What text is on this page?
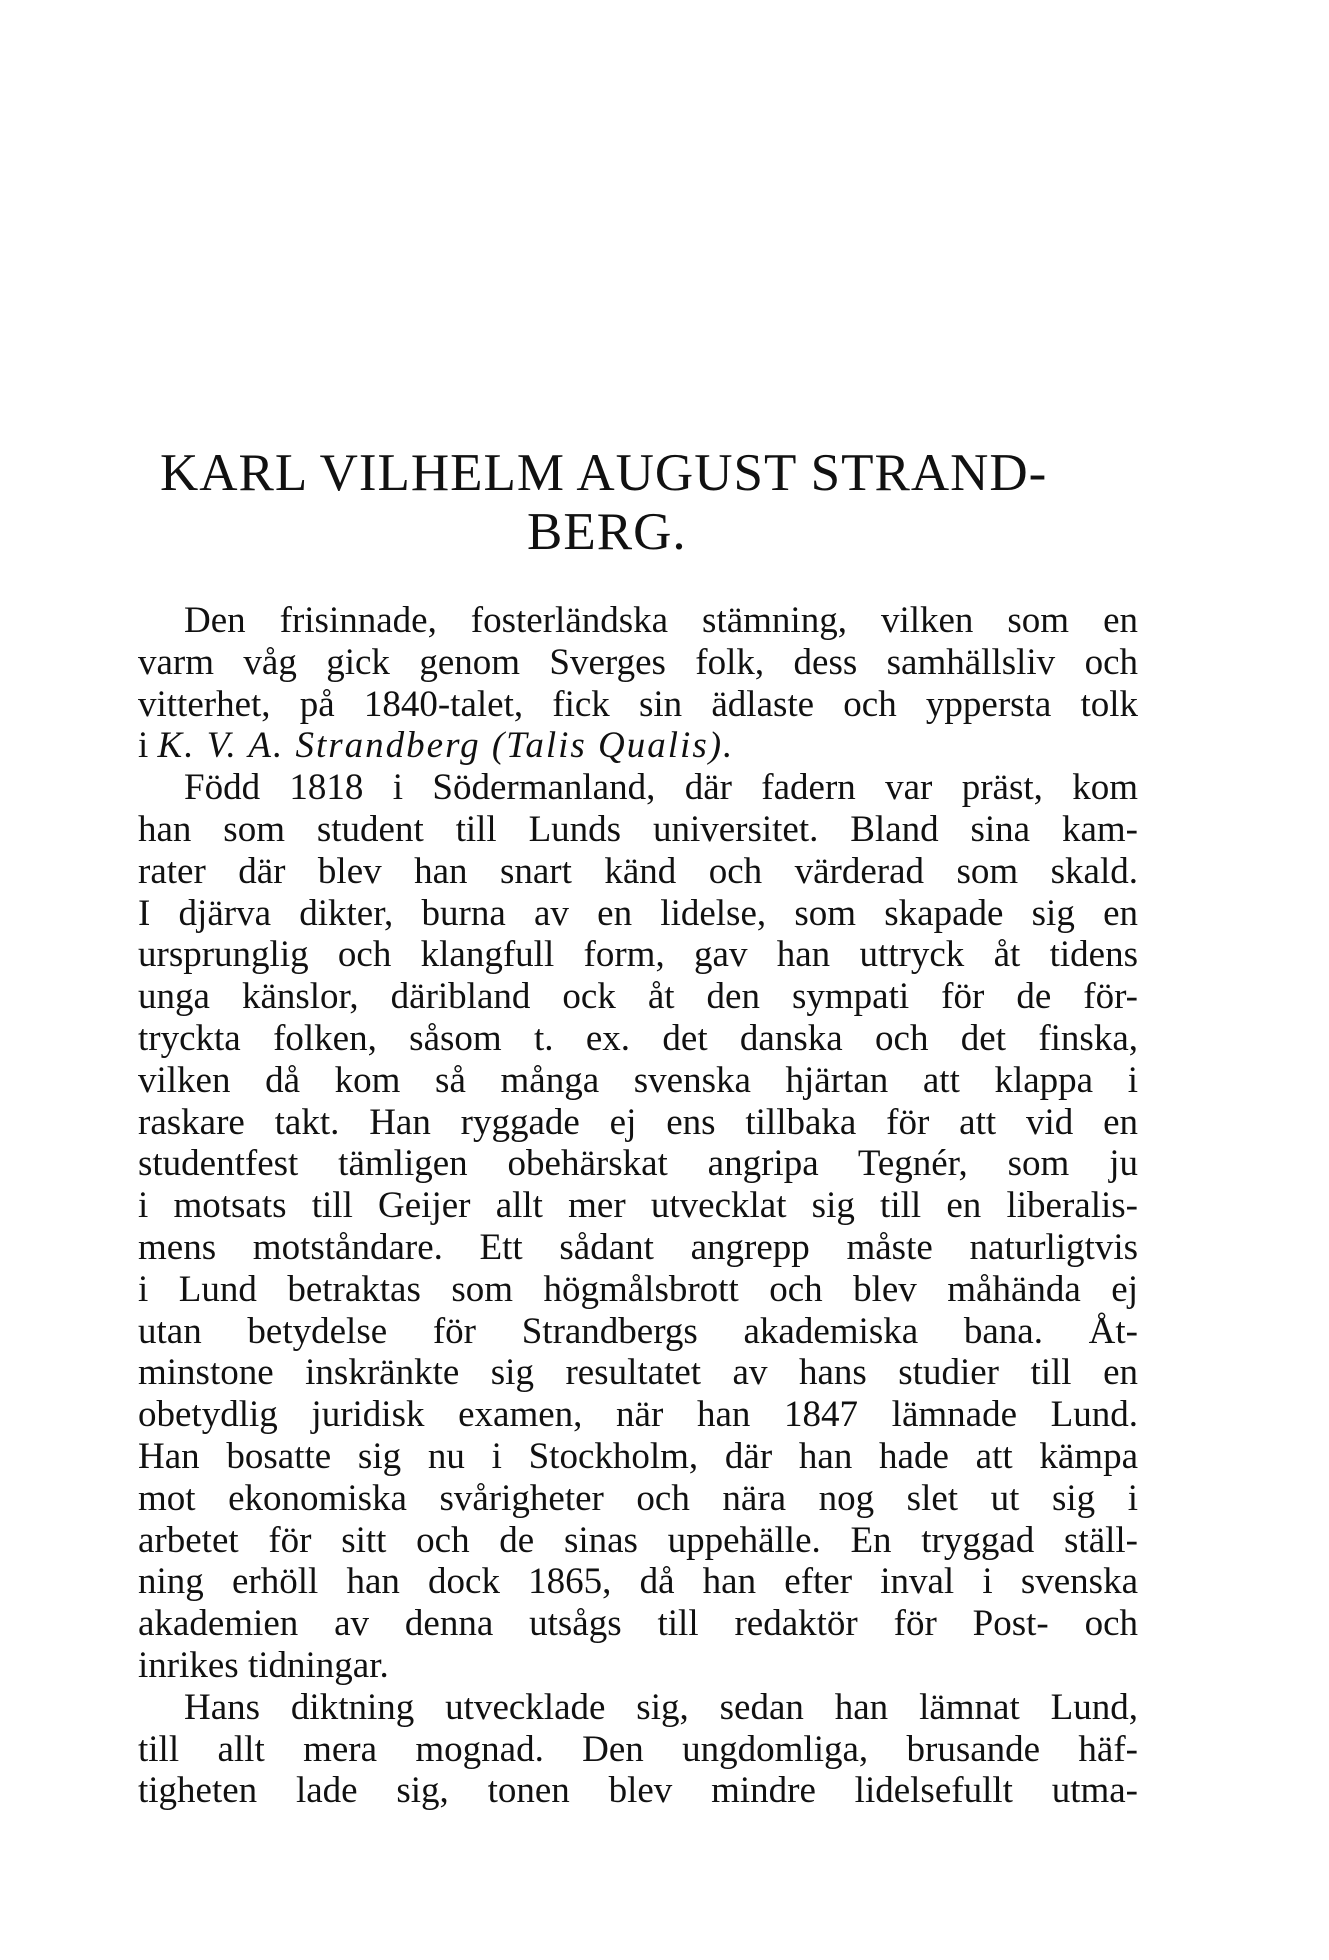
KARL VILHELM AUGUST STRAND-
BERG.
Den frisinnade, fosterländska stämning, vilken som en
varm våg gick genom Sverges folk, dess samhällsliv och
vitterhet, på 1840-talet, fick sin ädlaste och yppersta tolk
i K. V. A. Strandberg (Talis Qualis).
Född 1818 i Södermanland, där fadern var präst, kom
han som student till Lunds universitet. Bland sina kam-
rater där blev han snart känd och värderad som skald.
I djärva dikter, burna av en lidelse, som skapade sig en
ursprunglig och klangfull form, gav han uttryck åt tidens
unga känslor, däribland ock åt den sympati för de för-
tryckta folken, såsom t. ex. det danska och det finska,
vilken då kom så många svenska hjärtan att klappa i
raskare takt. Han ryggade ej ens tillbaka för att vid en
studentfest tämligen obehärskat angripa Tegnér, som ju
i motsats till Geijer allt mer utvecklat sig till en liberalis-
mens motståndare. Ett sådant angrepp måste naturligtvis
i Lund betraktas som högmålsbrott och blev måhända ej
utan betydelse för Strandbergs akademiska bana. Åt-
minstone inskränkte sig resultatet av hans studier till en
obetydlig juridisk examen, när han 1847 lämnade Lund.
Han bosatte sig nu i Stockholm, där han hade att kämpa
mot ekonomiska svårigheter och nära nog slet ut sig i
arbetet för sitt och de sinas uppehälle. En tryggad ställ-
ning erhöll han dock 1865, då han efter inval i svenska
akademien av denna utsågs till redaktör för Post- och
inrikes tidningar.
Hans diktning utvecklade sig, sedan han lämnat Lund,
till allt mera mognad. Den ungdomliga, brusande häf-
tigheten lade sig, tonen blev mindre lidelsefullt utma-
